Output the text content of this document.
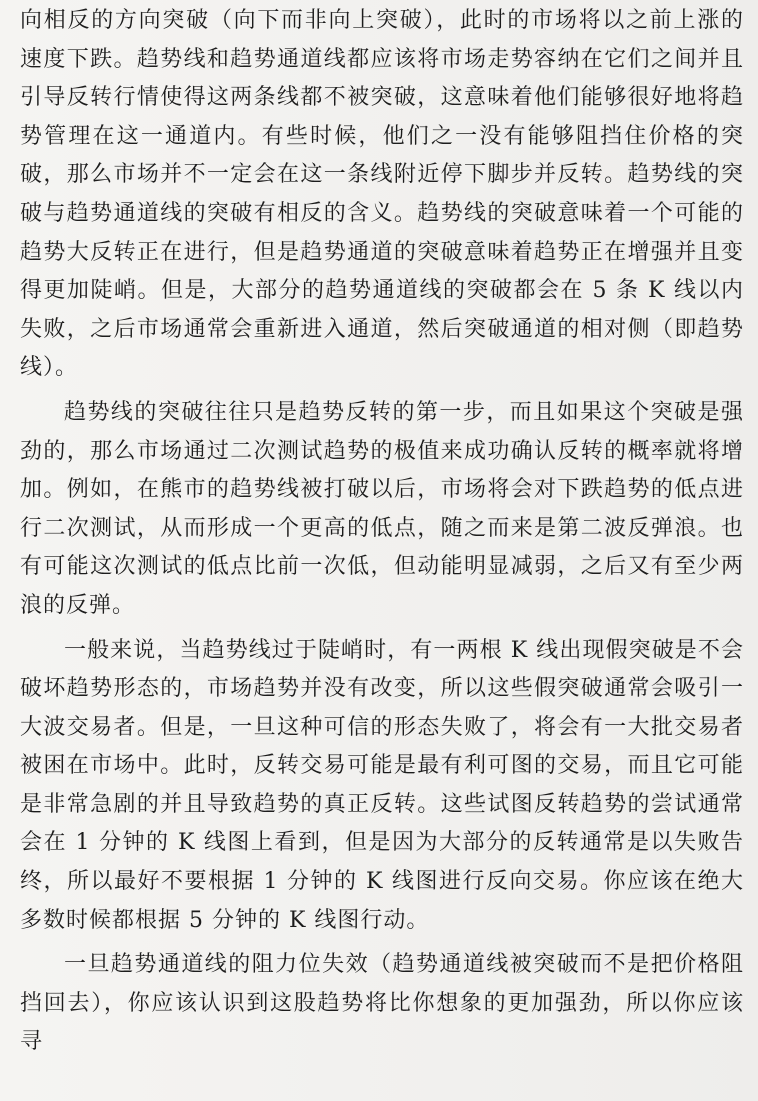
向相反的方向突破（向下而非向上突破），此时的市场将以之前上涨的速度下跌。趋势线和趋势通道线都应该将市场走势容纳在它们之间并且引导反转行情使得这两条线都不被突破，这意味着他们能够很好地将趋势管理在这一通道内。有些时候，他们之一没有能够阻挡住价格的突破，那么市场并不一定会在这一条线附近停下脚步并反转。趋势线的突破与趋势通道线的突破有相反的含义。趋势线的突破意味着一个可能的趋势大反转正在进行，但是趋势通道的突破意味着趋势正在增强并且变得更加陡峭。但是，大部分的趋势通道线的突破都会在 5 条 K 线以内失败，之后市场通常会重新进入通道，然后突破通道的相对侧（即趋势线）。

趋势线的突破往往只是趋势反转的第一步，而且如果这个突破是强劲的，那么市场通过二次测试趋势的极值来成功确认反转的概率就将增加。例如，在熊市的趋势线被打破以后，市场将会对下跌趋势的低点进行二次测试，从而形成一个更高的低点，随之而来是第二波反弹浪。也有可能这次测试的低点比前一次低，但动能明显减弱，之后又有至少两浪的反弹。

一般来说，当趋势线过于陡峭时，有一两根 K 线出现假突破是不会破坏趋势形态的，市场趋势并没有改变，所以这些假突破通常会吸引一大波交易者。但是，一旦这种可信的形态失败了，将会有一大批交易者被困在市场中。此时，反转交易可能是最有利可图的交易，而且它可能是非常急剧的并且导致趋势的真正反转。这些试图反转趋势的尝试通常会在 1 分钟的 K 线图上看到，但是因为大部分的反转通常是以失败告终，所以最好不要根据 1 分钟的 K 线图进行反向交易。你应该在绝大多数时候都根据 5 分钟的 K 线图行动。

一旦趋势通道线的阻力位失效（趋势通道线被突破而不是把价格阻挡回去），你应该认识到这股趋势将比你想象的更加强劲，所以你应该寻
